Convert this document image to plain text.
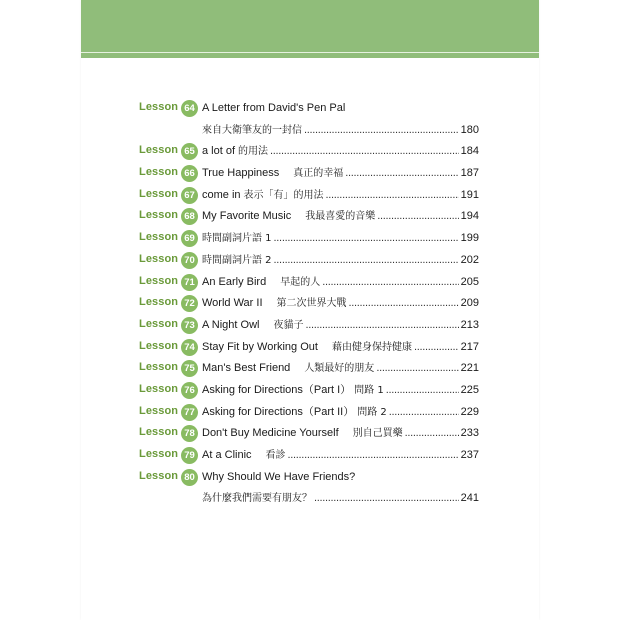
Lesson 64 A Letter from David's Pen Pal
來自大衛筆友的一封信 .....	180
Lesson 65 a lot of 的用法 .....	184
Lesson 66 True Happiness 真正的幸福 .....	187
Lesson 67 come in 表示「有」的用法 .....	191
Lesson 68 My Favorite Music 我最喜愛的音樂 .....	194
Lesson 69 時間副詞片語 1 .....	199
Lesson 70 時間副詞片語 2 .....	202
Lesson 71 An Early Bird 早起的人 .....	205
Lesson 72 World War II 第二次世界大戰 .....	209
Lesson 73 A Night Owl 夜貓子 .....	213
Lesson 74 Stay Fit by Working Out 藉由健身保持健康 .....	217
Lesson 75 Man's Best Friend 人類最好的朋友 .....	221
Lesson 76 Asking for Directions（Part I） 問路 1 .....	225
Lesson 77 Asking for Directions（Part II） 問路 2 .....	229
Lesson 78 Don't Buy Medicine Yourself 別自己買藥 .....	233
Lesson 79 At a Clinic 看診 .....	237
Lesson 80 Why Should We Have Friends?
為什麼我們需要有朋友？ .....	241
